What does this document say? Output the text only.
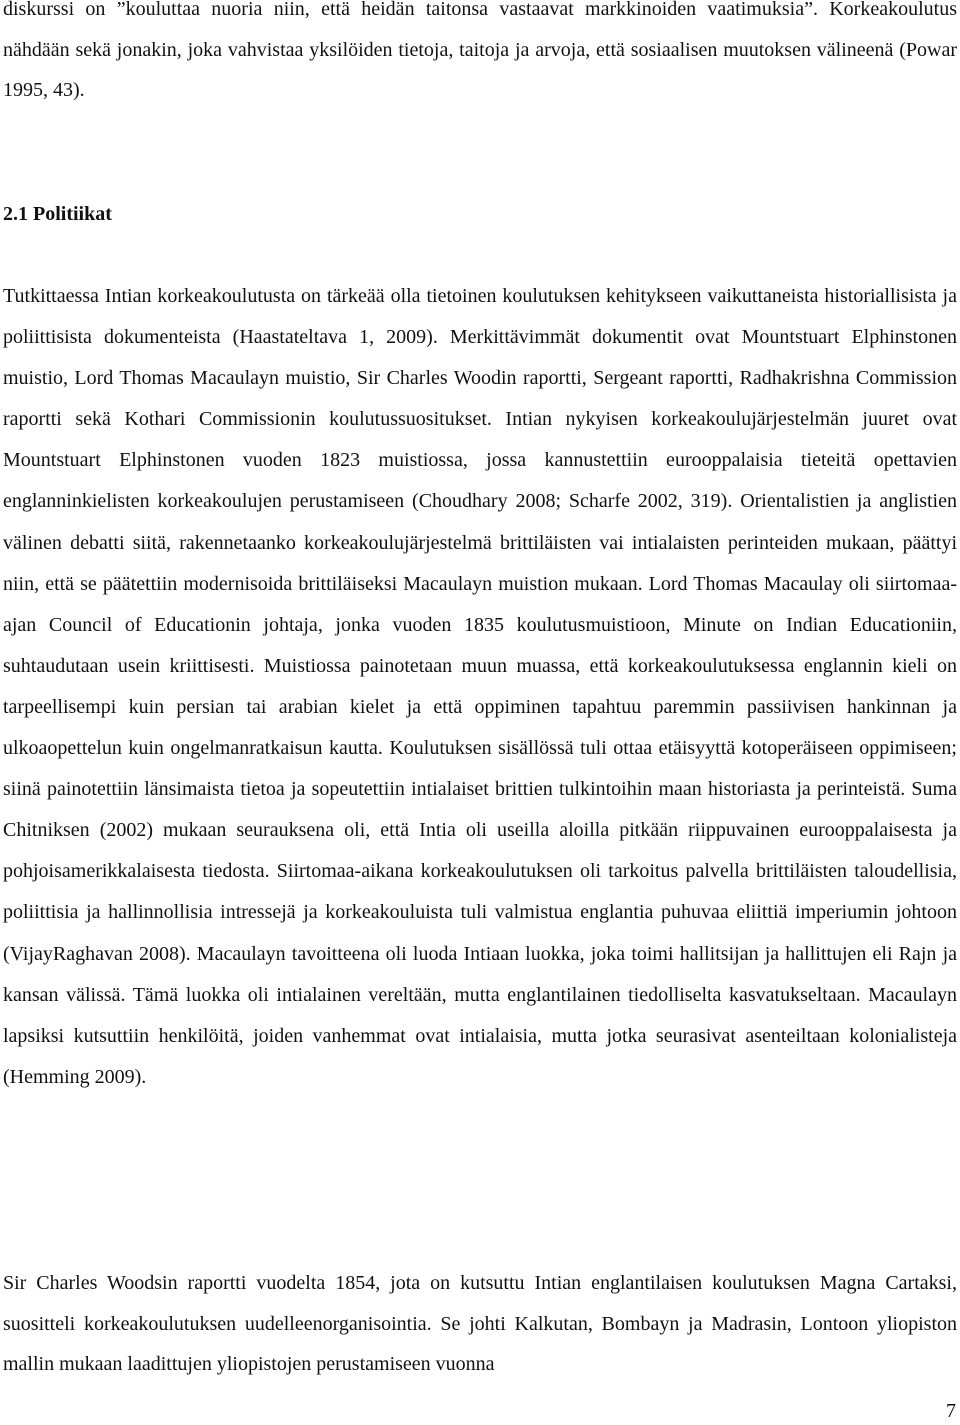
diskurssi on ”kouluttaa nuoria niin, että heidän taitonsa vastaavat markkinoiden vaatimuksia”. Korkeakoulutus nähdään sekä jonakin, joka vahvistaa yksilöiden tietoja, taitoja ja arvoja, että sosiaalisen muutoksen välineenä (Powar 1995, 43).

2.1 Politiikat

Tutkittaessa Intian korkeakoulutusta on tärkeää olla tietoinen koulutuksen kehitykseen vaikuttaneista historiallisista ja poliittisista dokumenteista (Haastateltava 1, 2009). Merkittävimmät dokumentit ovat Mountstuart Elphinstonen muistio, Lord Thomas Macaulayn muistio, Sir Charles Woodin raportti, Sergeant raportti, Radhakrishna Commission raportti sekä Kothari Commissionin koulutussuositukset. Intian nykyisen korkeakoulujärjestelmän juuret ovat Mountstuart Elphinstonen vuoden 1823 muistiossa, jossa kannustettiin eurooppalaisia tieteitä opettavien englanninkielisten korkeakoulujen perustamiseen (Choudhary 2008; Scharfe 2002, 319). Orientalistien ja anglistien välinen debatti siitä, rakennetaanko korkeakoulujärjestelmä brittiläisten vai intialaisten perinteiden mukaan, päättyi niin, että se päätettiin modernisoida brittiläiseksi Macaulayn muistion mukaan. Lord Thomas Macaulay oli siirtomaa-ajan Council of Educationin johtaja, jonka vuoden 1835 koulutusmuistioon, Minute on Indian Educationiin, suhtaudutaan usein kriittisesti. Muistiossa painotetaan muun muassa, että korkeakoulutuksessa englannin kieli on tarpeellisempi kuin persian tai arabian kielet ja että oppiminen tapahtuu paremmin passiivisen hankinnan ja ulkoaopettelun kuin ongelmanratkaisun kautta. Koulutuksen sisällössä tuli ottaa etäisyyttä kotoperäiseen oppimiseen; siinä painotettiin länsimaista tietoa ja sopeutettiin intialaiset brittien tulkintoihin maan historiasta ja perinteistä. Suma Chitniksen (2002) mukaan seurauksena oli, että Intia oli useilla aloilla pitkään riippuvainen eurooppalaisesta ja pohjoisamerikkalaisesta tiedosta. Siirtomaa-aikana korkeakoulutuksen oli tarkoitus palvella brittiläisten taloudellisia, poliittisia ja hallinnollisia intressejä ja korkeakouluista tuli valmistua englantia puhuvaa eliittiä imperiumin johtoon (VijayRaghavan 2008). Macaulayn tavoitteena oli luoda Intiaan luokka, joka toimi hallitsijan ja hallittujen eli Rajn ja kansan välissä. Tämä luokka oli intialainen vereltään, mutta englantilainen tiedolliselta kasvatukseltaan. Macaulayn lapsiksi kutsuttiin henkilöitä, joiden vanhemmat ovat intialaisia, mutta jotka seurasivat asenteiltaan kolonialisteja (Hemming 2009).

Sir Charles Woodsin raportti vuodelta 1854, jota on kutsuttu Intian englantilaisen koulutuksen Magna Cartaksi, suositteli korkeakoulutuksen uudelleenorganisointia. Se johti Kalkutan, Bombayn ja Madrasin, Lontoon yliopiston mallin mukaan laadittujen yliopistojen perustamiseen vuonna

7
